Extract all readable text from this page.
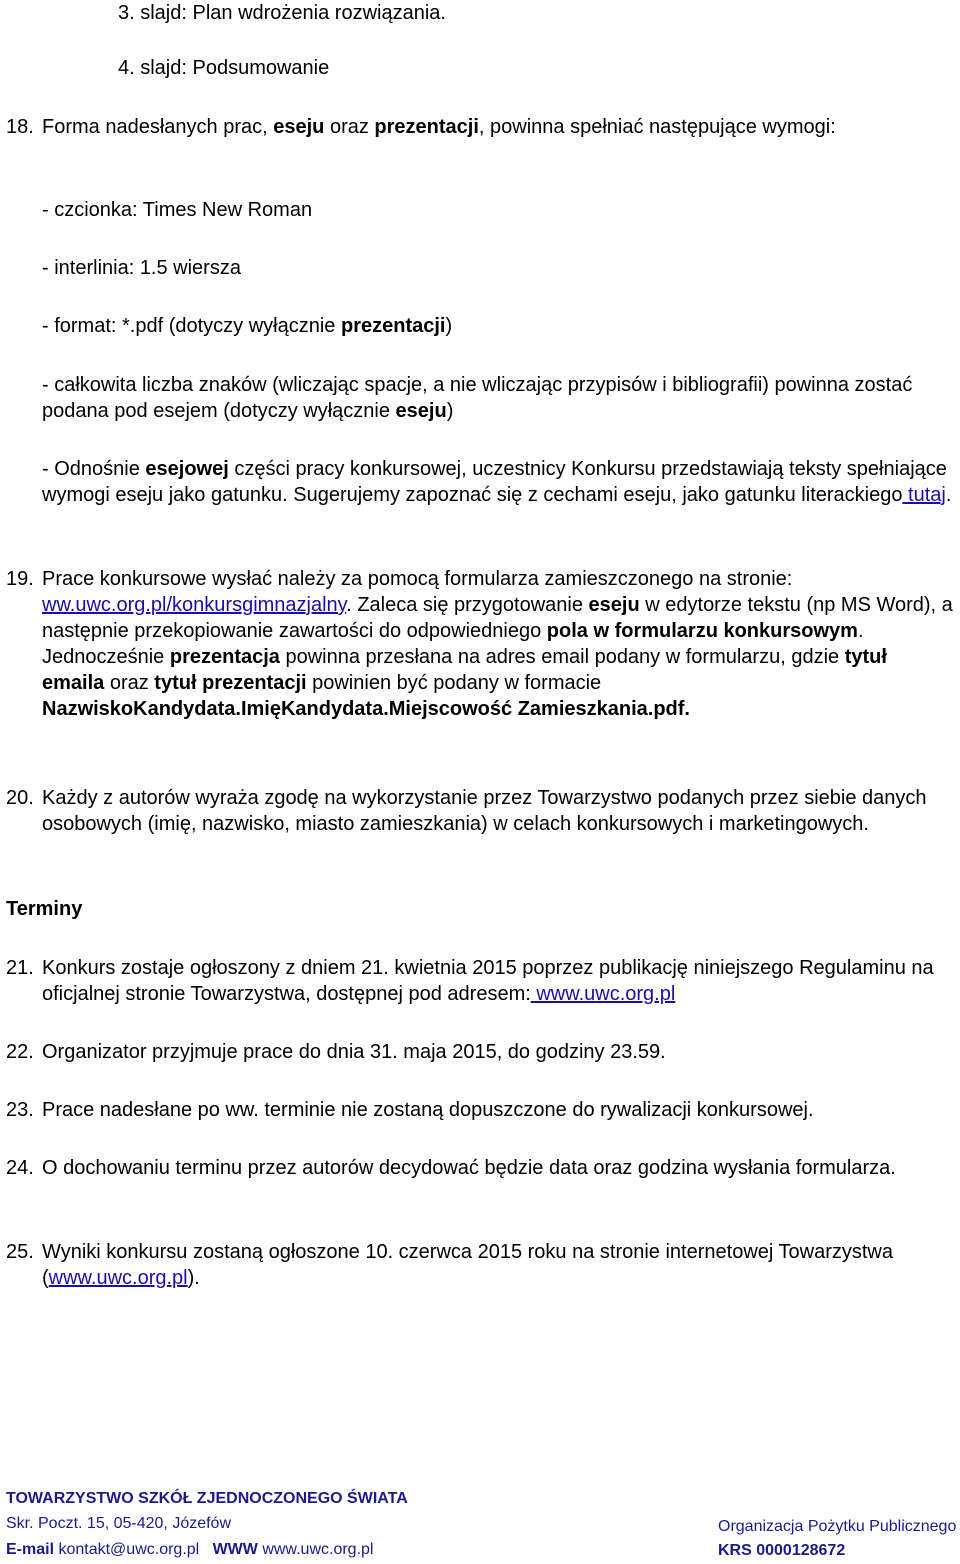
3. slajd: Plan wdrożenia rozwiązania.

4. slajd: Podsumowanie

18. Forma nadesłanych prac, eseju oraz prezentacji, powinna spełniać następujące wymogi:

- czcionka: Times New Roman

- interlinia: 1.5 wiersza

- format: *.pdf (dotyczy wyłącznie prezentacji)

- całkowita liczba znaków (wliczając spacje, a nie wliczając przypisów i bibliografii) powinna zostać podana pod esejem (dotyczy wyłącznie eseju)

- Odnośnie esejowej części pracy konkursowej, uczestnicy Konkursu przedstawiają teksty spełniające wymogi eseju jako gatunku. Sugerujemy zapoznać się z cechami eseju, jako gatunku literackiego tutaj.

19. Prace konkursowe wysłać należy za pomocą formularza zamieszczonego na stronie: ww.uwc.org.pl/konkursgimnazjalny. Zaleca się przygotowanie eseju w edytorze tekstu (np MS Word), a następnie przekopiowanie zawartości do odpowiedniego pola w formularzu konkursowym. Jednocześnie prezentacja powinna przesłana na adres email podany w formularzu, gdzie tytuł emaila oraz tytuł prezentacji powinien być podany w formacie NazwiskoKandydata.ImięKandydata.Miejscowość Zamieszkania.pdf.

20. Każdy z autorów wyraża zgodę na wykorzystanie przez Towarzystwo podanych przez siebie danych osobowych (imię, nazwisko, miasto zamieszkania) w celach konkursowych i marketingowych.

Terminy

21. Konkurs zostaje ogłoszony z dniem 21. kwietnia 2015 poprzez publikację niniejszego Regulaminu na oficjalnej stronie Towarzystwa, dostępnej pod adresem: www.uwc.org.pl

22. Organizator przyjmuje prace do dnia 31. maja 2015, do godziny 23.59.

23. Prace nadesłane po ww. terminie nie zostaną dopuszczone do rywalizacji konkursowej.

24. O dochowaniu terminu przez autorów decydować będzie data oraz godzina wysłania formularza.

25. Wyniki konkursu zostaną ogłoszone 10. czerwca 2015 roku na stronie internetowej Towarzystwa (www.uwc.org.pl).

TOWARZYSTWO SZKÓŁ ZJEDNOCZONEGO ŚWIATA
Skr. Poczt. 15, 05-420, Józefów
E-mail kontakt@uwc.org.pl WWW www.uwc.org.pl
Organizacja Pożytku Publicznego
KRS 0000128672
